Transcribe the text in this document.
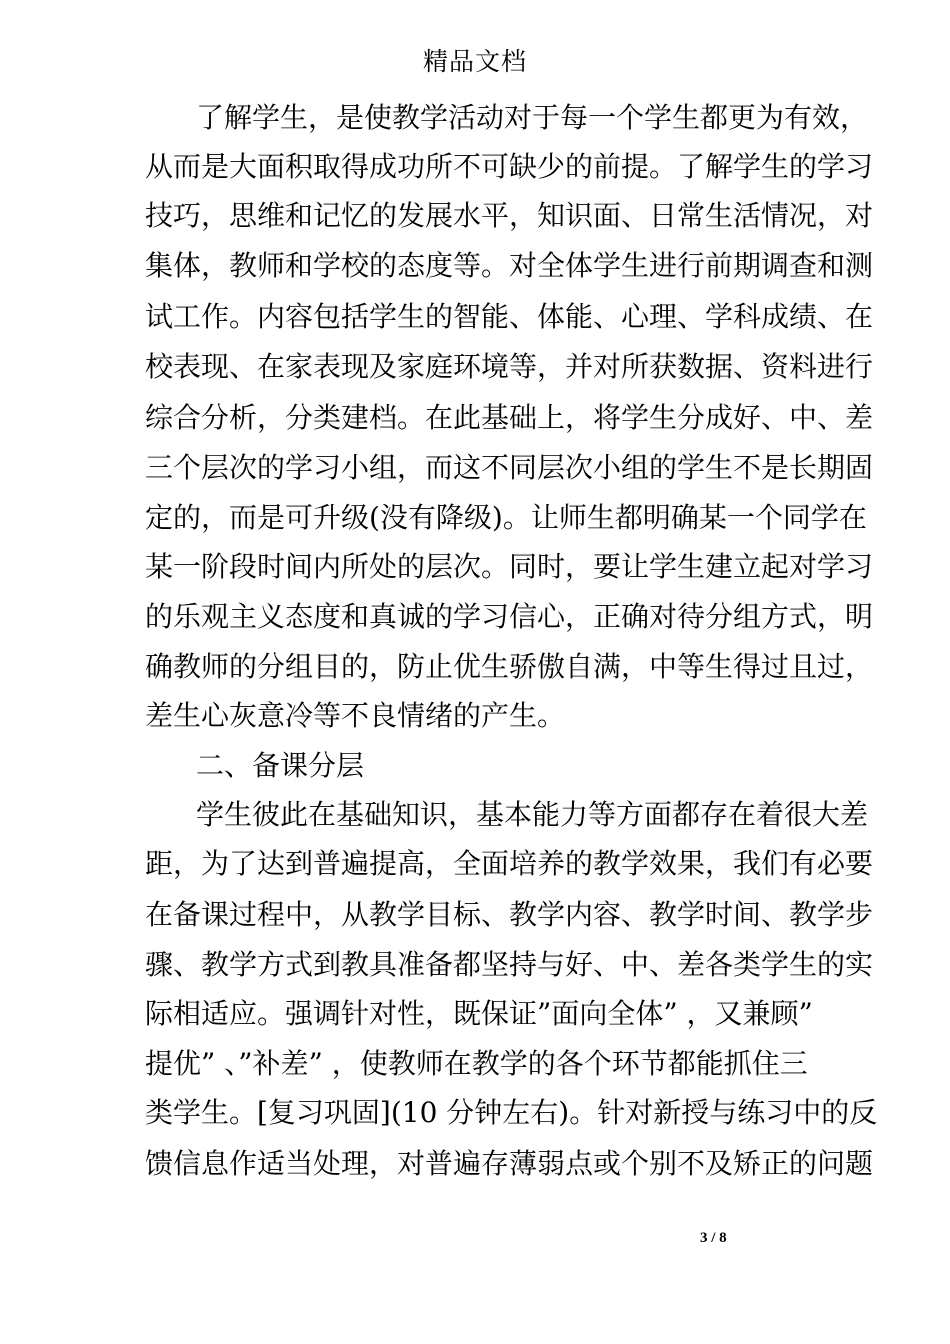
精品文档
了解学生，是使教学活动对于每一个学生都更为有效，
从而是大面积取得成功所不可缺少的前提。了解学生的学习
技巧，思维和记忆的发展水平，知识面、日常生活情况，对
集体，教师和学校的态度等。对全体学生进行前期调查和测
试工作。内容包括学生的智能、体能、心理、学科成绩、在
校表现、在家表现及家庭环境等，并对所获数据、资料进行
综合分析，分类建档。在此基础上，将学生分成好、中、差
三个层次的学习小组，而这不同层次小组的学生不是长期固
定的，而是可升级(没有降级)。让师生都明确某一个同学在
某一阶段时间内所处的层次。同时，要让学生建立起对学习
的乐观主义态度和真诚的学习信心，正确对待分组方式，明
确教师的分组目的，防止优生骄傲自满，中等生得过且过，
差生心灰意冷等不良情绪的产生。
二、备课分层
学生彼此在基础知识，基本能力等方面都存在着很大差
距，为了达到普遍提高，全面培养的教学效果，我们有必要
在备课过程中，从教学目标、教学内容、教学时间、教学步
骤、教学方式到教具准备都坚持与好、中、差各类学生的实
际相适应。强调针对性，既保证”面向全体” ，又兼顾”
提优” 、”补差” ，使教师在教学的各个环节都能抓住三
类学生。[复习巩固](10 分钟左右)。针对新授与练习中的反
馈信息作适当处理，对普遍存薄弱点或个别不及矫正的问题
3 / 8
